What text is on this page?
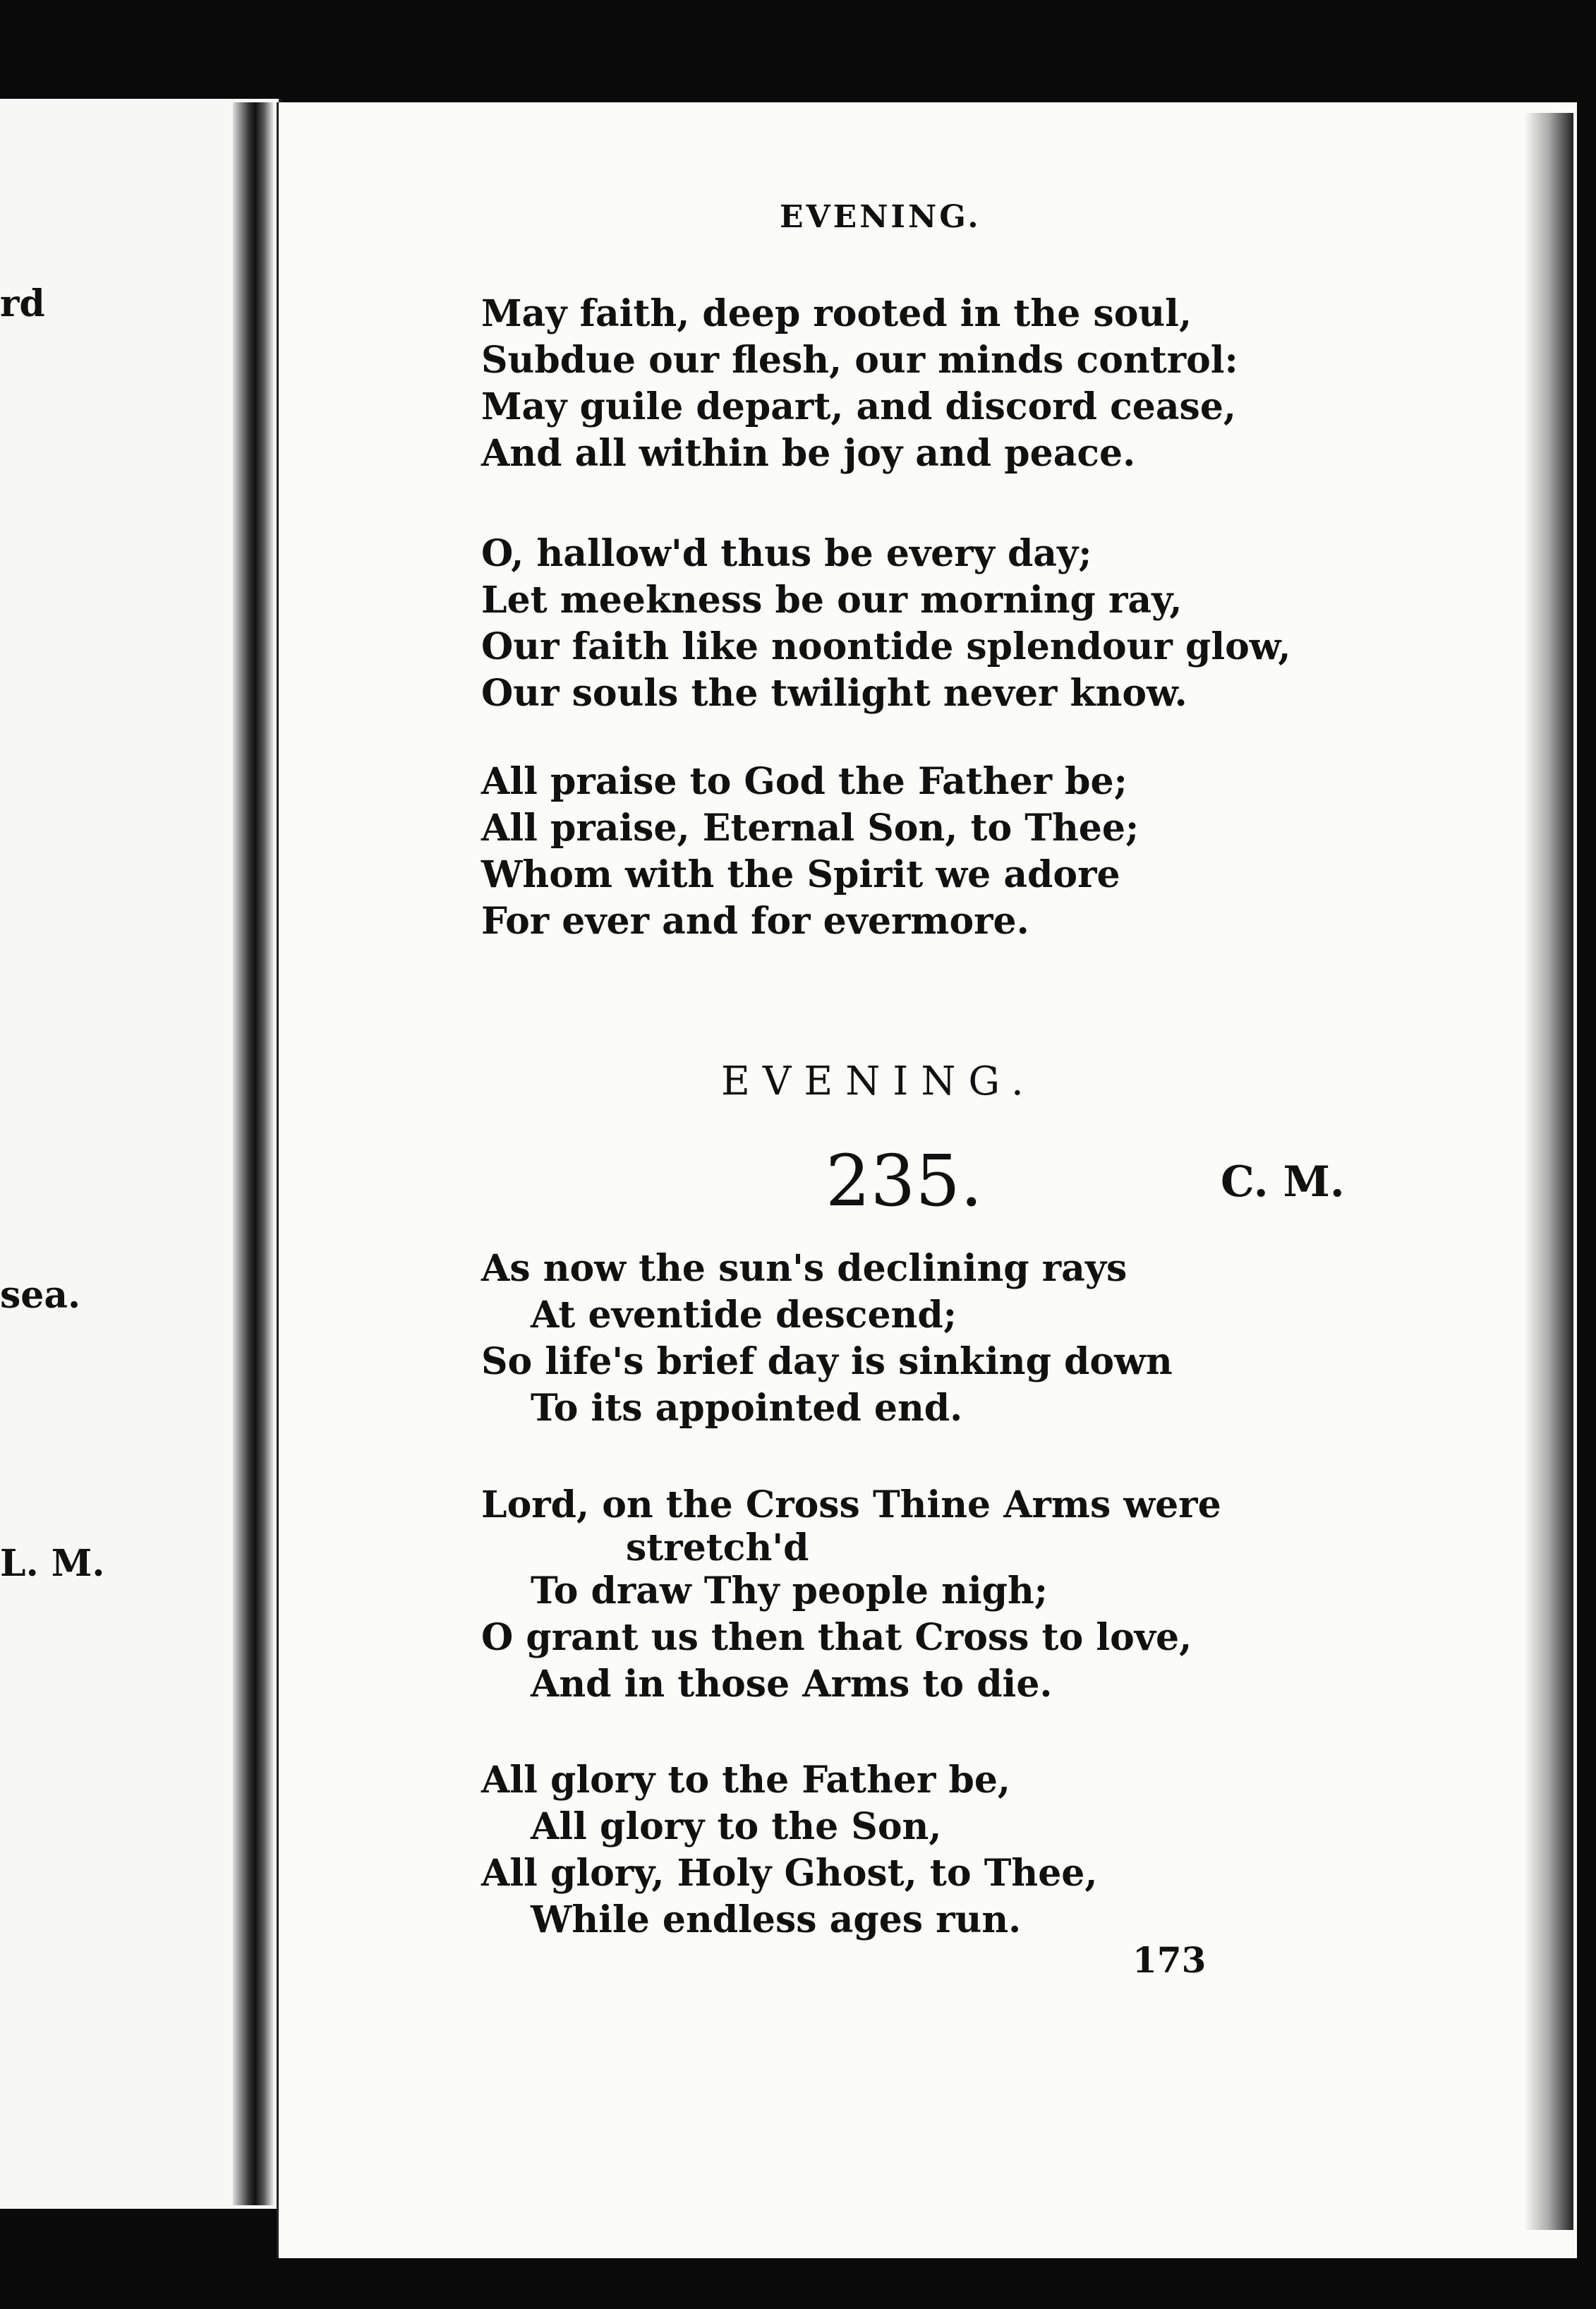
rd
sea.
L. M.
EVENING.
May faith, deep rooted in the soul,
Subdue our flesh, our minds control:
May guile depart, and discord cease,
And all within be joy and peace.
O, hallow'd thus be every day;
Let meekness be our morning ray,
Our faith like noontide splendour glow,
Our souls the twilight never know.
All praise to God the Father be;
All praise, Eternal Son, to Thee;
Whom with the Spirit we adore
For ever and for evermore.
EVENING.
235.	C. M.
As now the sun's declining rays
At eventide descend;
So life's brief day is sinking down
To its appointed end.
Lord, on the Cross Thine Arms were
stretch'd
To draw Thy people nigh;
O grant us then that Cross to love,
And in those Arms to die.
All glory to the Father be,
All glory to the Son,
All glory, Holy Ghost, to Thee,
While endless ages run.
173
